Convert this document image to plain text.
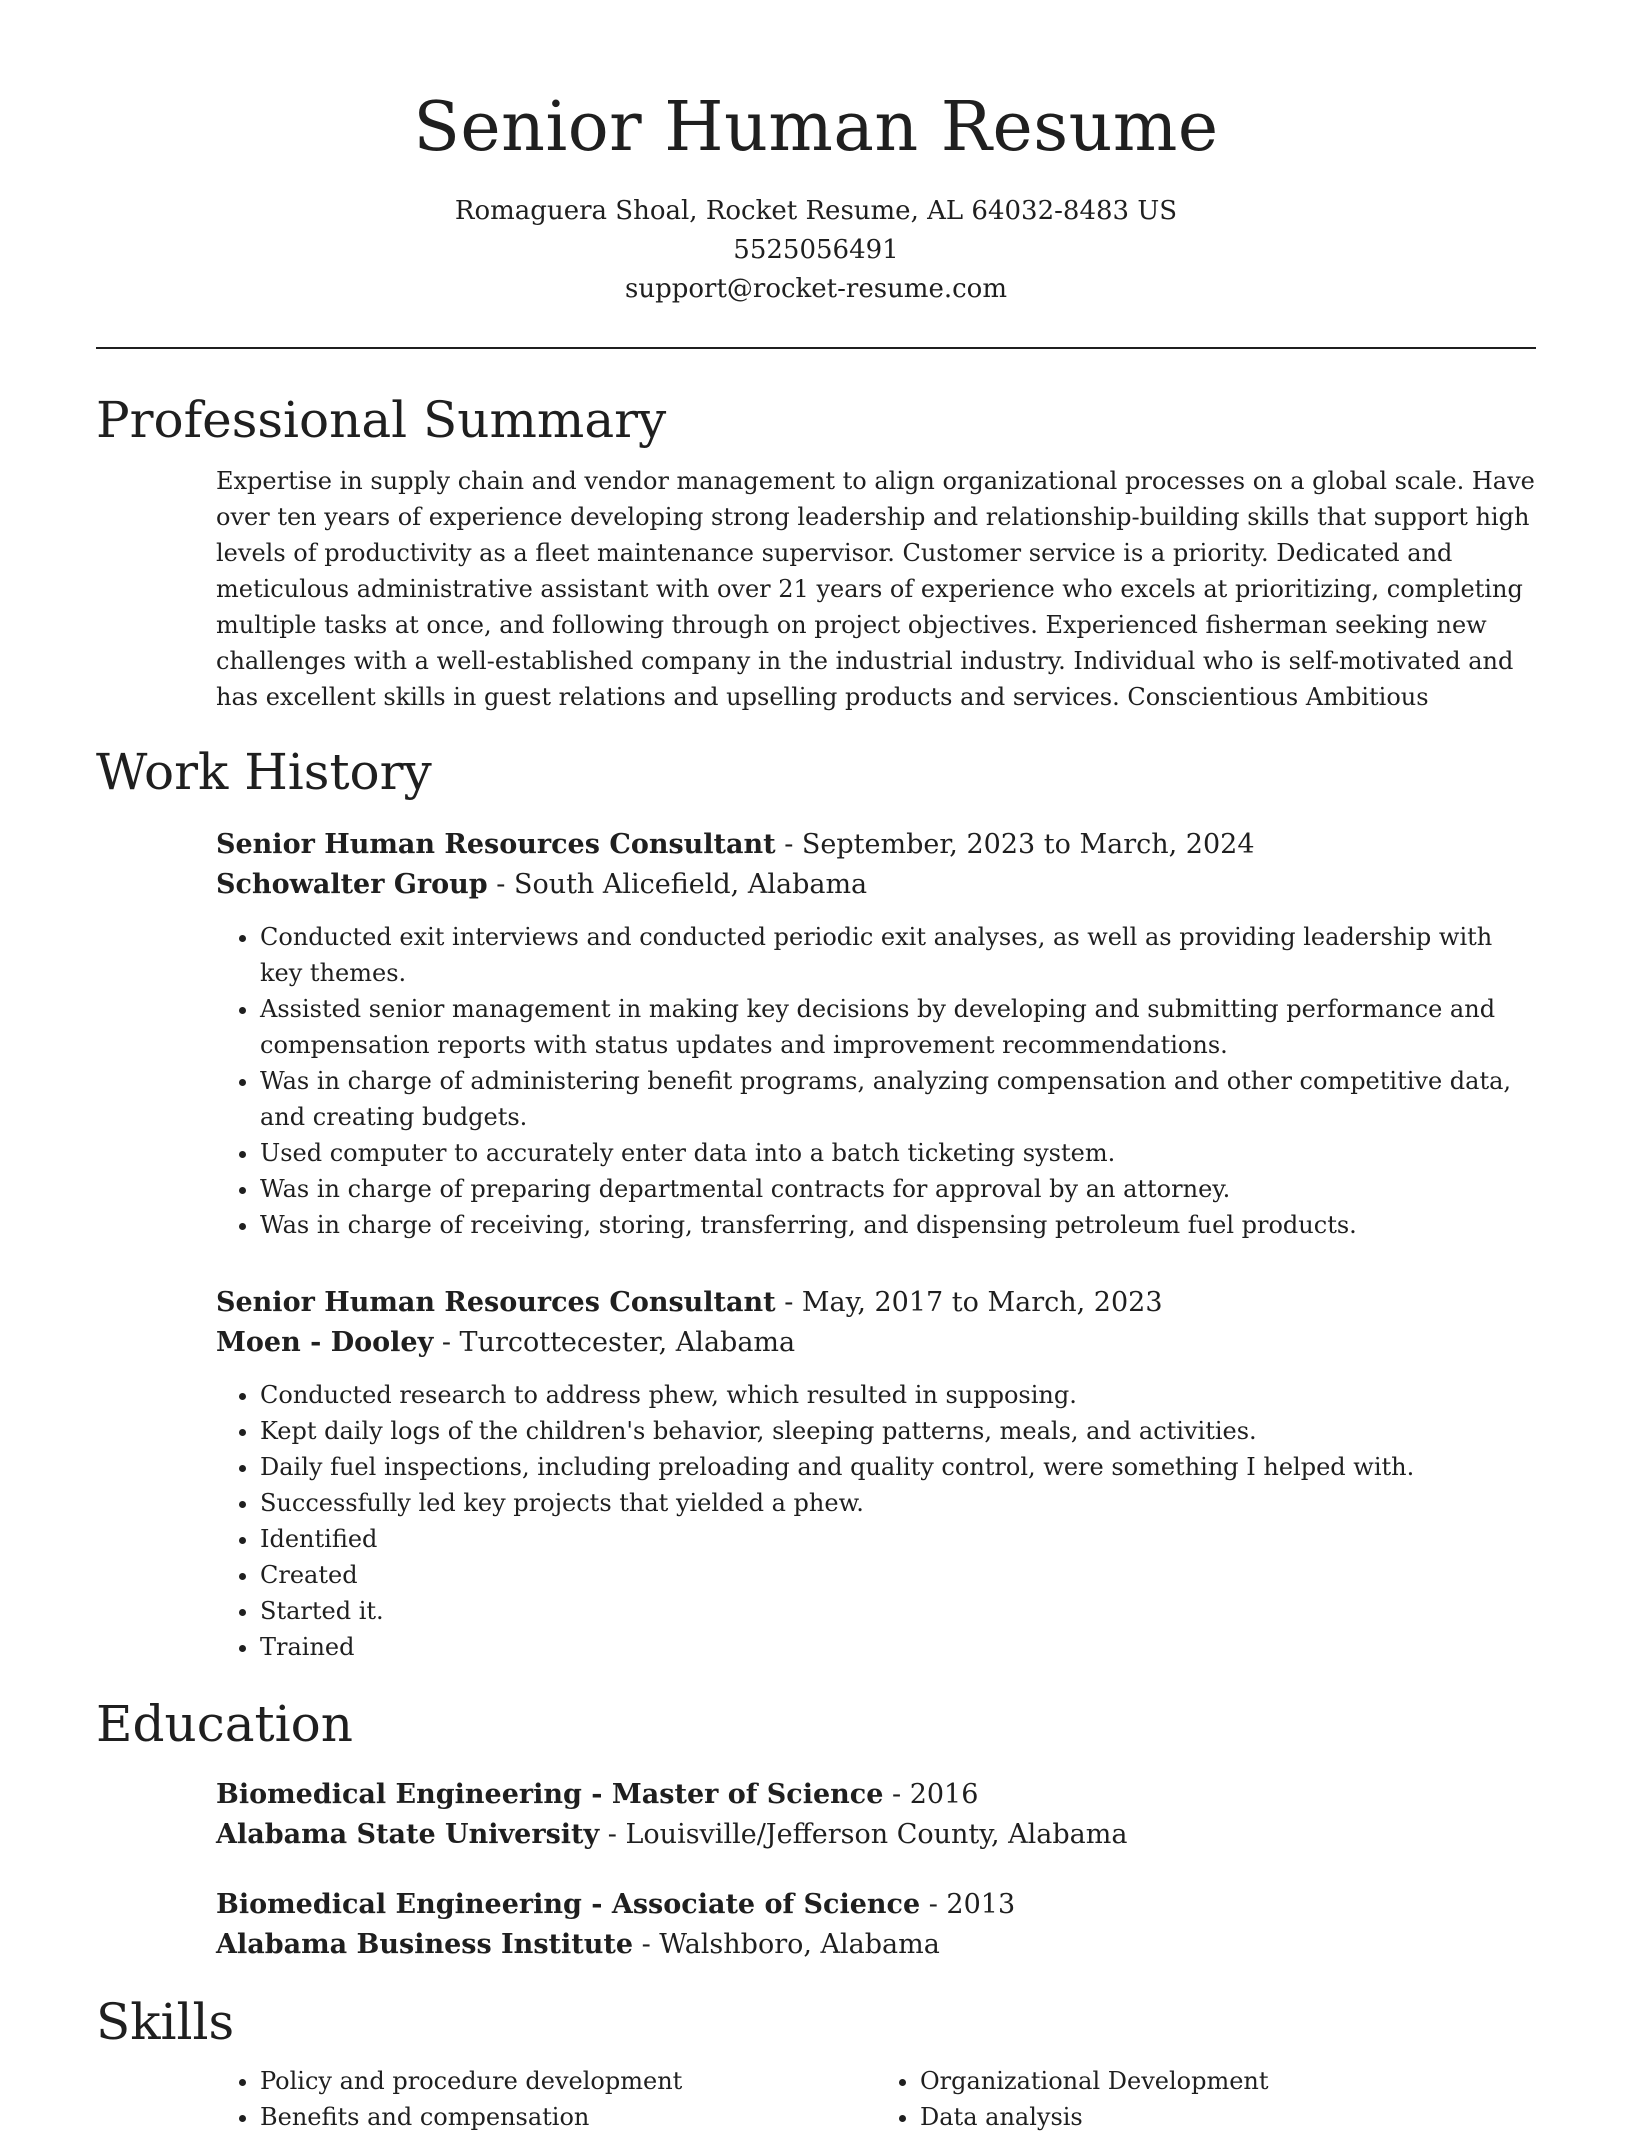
Senior Human Resume

Romaguera Shoal, Rocket Resume, AL 64032-8483 US

5525056491

support@rocket-resume.com

Professional Summary

Expertise in supply chain and vendor management to align organizational processes on a global scale. Have over ten years of experience developing strong leadership and relationship-building skills that support high levels of productivity as a fleet maintenance supervisor. Customer service is a priority. Dedicated and meticulous administrative assistant with over 21 years of experience who excels at prioritizing, completing multiple tasks at once, and following through on project objectives. Experienced fisherman seeking new challenges with a well-established company in the industrial industry. Individual who is self-motivated and has excellent skills in guest relations and upselling products and services. Conscientious Ambitious

Work History

Senior Human Resources Consultant - September, 2023 to March, 2024

Schowalter Group - South Alicefield, Alabama

• Conducted exit interviews and conducted periodic exit analyses, as well as providing leadership with key themes.
• Assisted senior management in making key decisions by developing and submitting performance and compensation reports with status updates and improvement recommendations.
• Was in charge of administering benefit programs, analyzing compensation and other competitive data, and creating budgets.
• Used computer to accurately enter data into a batch ticketing system.
• Was in charge of preparing departmental contracts for approval by an attorney.
• Was in charge of receiving, storing, transferring, and dispensing petroleum fuel products.

Senior Human Resources Consultant - May, 2017 to March, 2023

Moen - Dooley - Turcottecester, Alabama

• Conducted research to address phew, which resulted in supposing.
• Kept daily logs of the children's behavior, sleeping patterns, meals, and activities.
• Daily fuel inspections, including preloading and quality control, were something I helped with.
• Successfully led key projects that yielded a phew.
• Identified
• Created
• Started it.
• Trained
Education

Biomedical Engineering - Master of Science - 2016

Alabama State University - Louisville/Jefferson County, Alabama

Biomedical Engineering - Associate of Science - 2013

Alabama Business Institute - Walshboro, Alabama

Skills
• Policy and procedure development
• Benefits and compensation
• Organizational Development
• Data analysis
